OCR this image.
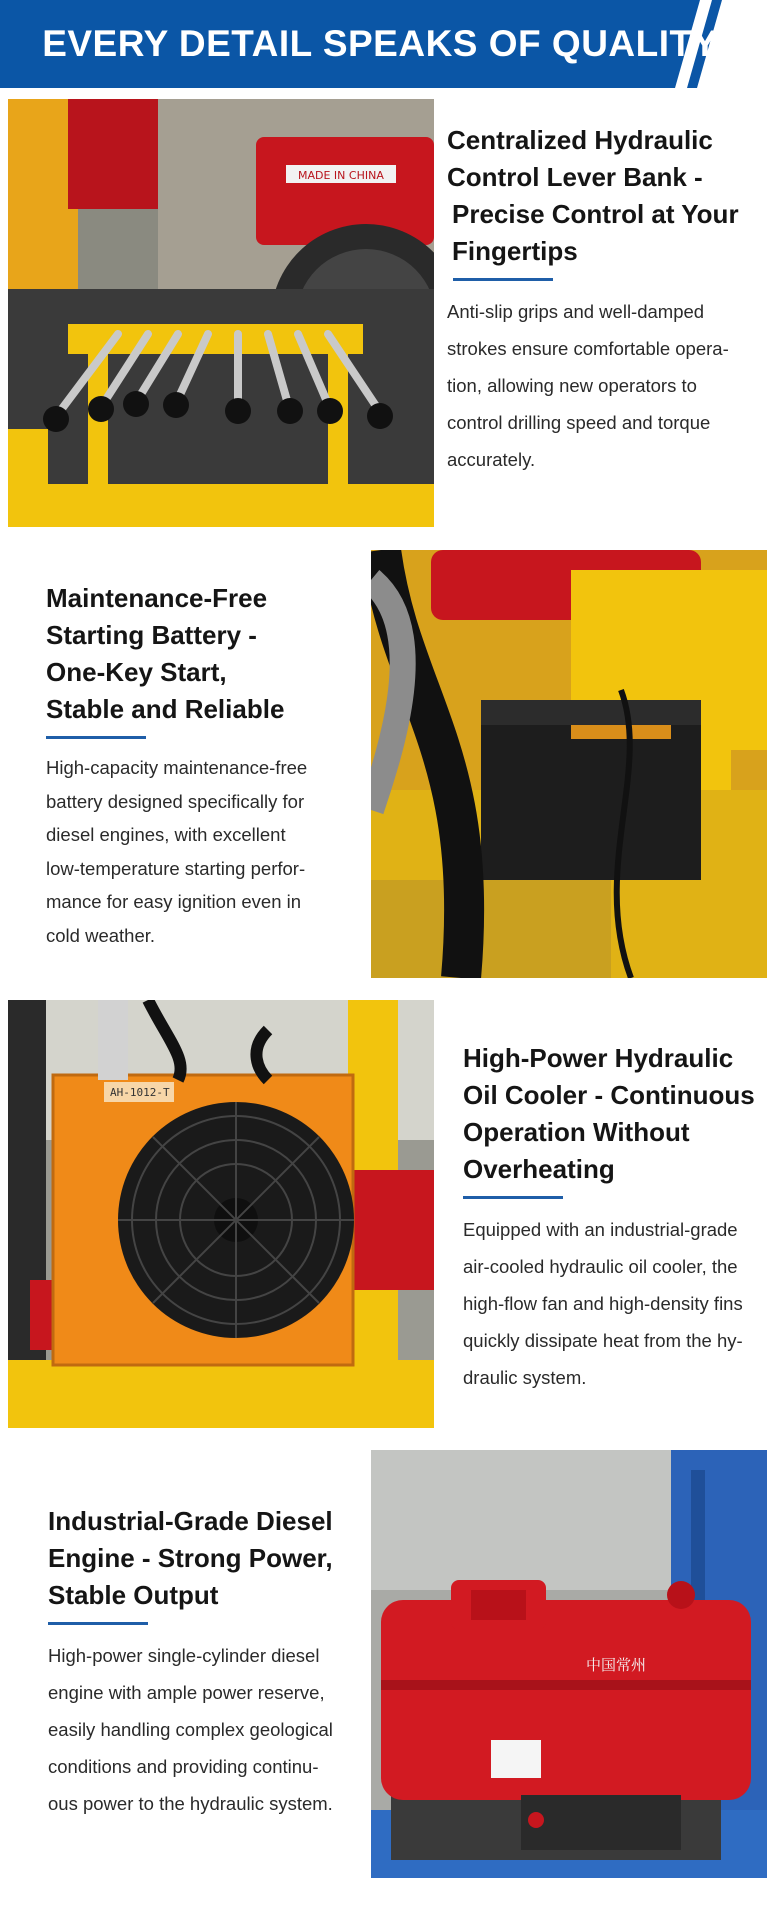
EVERY DETAIL SPEAKS OF QUALITY
MADE IN CHINA
Centralized Hydraulic
Control Lever Bank -
Precise Control at Your
Fingertips

Anti-slip grips and well-damped
strokes ensure comfortable opera-
tion, allowing new operators to
control drilling speed and torque
accurately.

Maintenance-Free
Starting Battery -
One-Key Start,
Stable and Reliable

High-capacity maintenance-free
battery designed specifically for
diesel engines, with excellent
low-temperature starting perfor-
mance for easy ignition even in
cold weather.

AH-1012-T
High-Power Hydraulic
Oil Cooler - Continuous
Operation Without
Overheating

Equipped with an industrial-grade
air-cooled hydraulic oil cooler, the
high-flow fan and high-density fins
quickly dissipate heat from the hy-
draulic system.

Industrial-Grade Diesel
Engine - Strong Power,
Stable Output

High-power single-cylinder diesel
engine with ample power reserve,
easily handling complex geological
conditions and providing continu-
ous power to the hydraulic system.

中国常州
